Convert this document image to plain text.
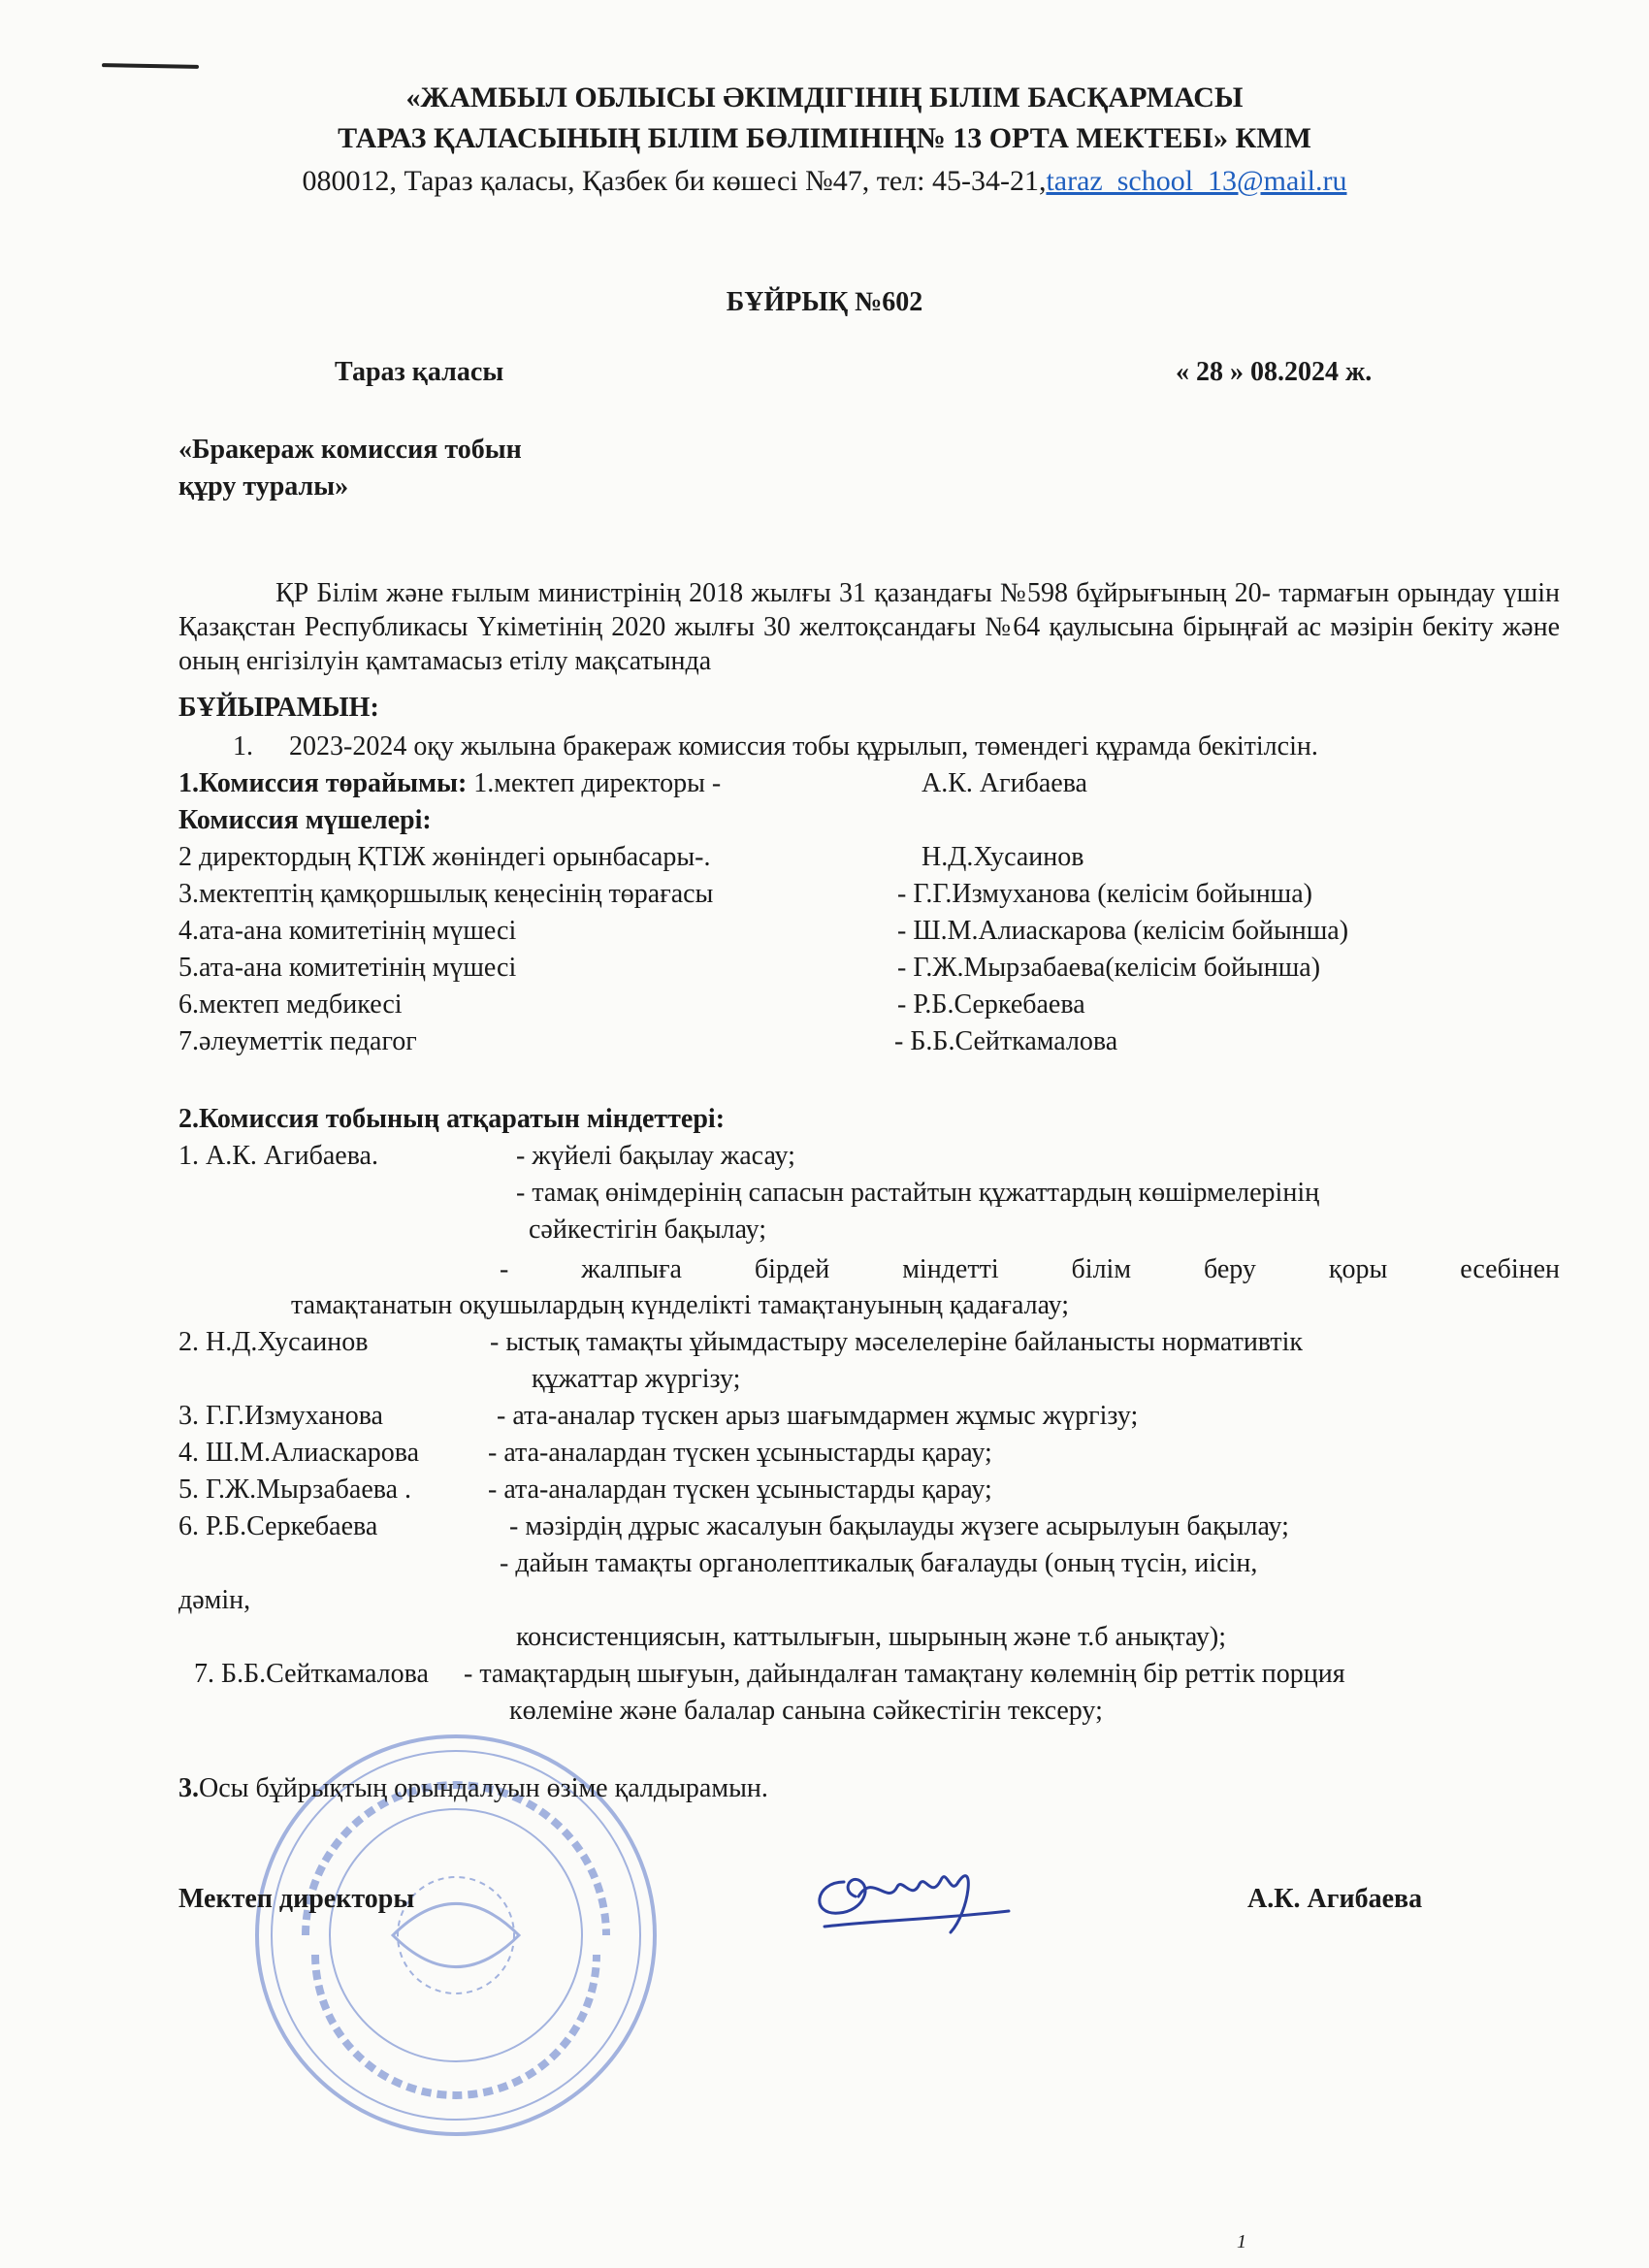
«ЖАМБЫЛ ОБЛЫСЫ ӘКІМДІГІНІҢ БІЛІМ БАСҚАРМАСЫ
ТАРАЗ ҚАЛАСЫНЫҢ БІЛІМ БӨЛІМІНІҢ№ 13 ОРТА МЕКТЕБІ» КММ
080012, Тараз қаласы, Қазбек би көшесі №47, тел: 45-34-21,taraz_school_13@mail.ru
БҰЙРЫҚ №602
Тараз қаласы	« 28 » 08.2024 ж.
«Бракераж комиссия тобын
құру туралы»
ҚР Білім және ғылым министрінің 2018 жылғы 31 қазандағы №598 бұйрығының 20- тармағын орындау үшін Қазақстан Республикасы Үкіметінің 2020 жылғы 30 желтоқсандағы №64 қаулысына бірыңғай ас мәзірін бекіту және оның енгізілуін қамтамасыз етілу мақсатында
БҰЙЫРАМЫН:
1. 2023-2024 оқу жылына бракераж комиссия тобы құрылып, төмендегі құрамда бекітілсін.
1.Комиссия төрайымы: 1.мектеп директоры -	А.К. Агибаева
Комиссия мүшелері:
2 директордың ҚТІЖ жөніндегі орынбасары-.	Н.Д.Хусаинов
3.мектептің қамқоршылық кеңесінің төрағасы	- Г.Г.Измуханова (келісім бойынша)
4.ата-ана комитетінің мүшесі	- Ш.М.Алиаскарова (келісім бойынша)
5.ата-ана комитетінің мүшесі	- Г.Ж.Мырзабаева(келісім бойынша)
6.мектеп медбикесі	- Р.Б.Серкебаева
7.әлеуметтік педагог	- Б.Б.Сейткамалова
2.Комиссия тобының атқаратын міндеттері:
1. А.К. Агибаева.	- жүйелі бақылау жасау;
- тамақ өнімдерінің сапасын растайтын құжаттардың көшірмелерінің
сәйкестігін бақылау;
- жалпыға бірдей міндетті білім беру қоры есебінен
тамақтанатын оқушылардың күнделікті тамақтануының қадағалау;
2. Н.Д.Хусаинов	- ыстық тамақты ұйымдастыру мәселелеріне байланысты нормативтік
құжаттар жүргізу;
3. Г.Г.Измуханова	- ата-аналар түскен арыз шағымдармен жұмыс жүргізу;
4. Ш.М.Алиаскарова	- ата-аналардан түскен ұсыныстарды қарау;
5. Г.Ж.Мырзабаева .	- ата-аналардан түскен ұсыныстарды қарау;
6. Р.Б.Серкебаева	- мәзірдің дұрыс жасалуын бақылауды жүзеге асырылуын бақылау;
- дайын тамақты органолептикалық бағалауды (оның түсін, иісін,
дәмін,
консистенциясын, каттылығын, шырының және т.б анықтау);
7. Б.Б.Сейткамалова - тамақтардың шығуын, дайындалған тамақтану көлемнің бір реттік порция
көлеміне және балалар санына сәйкестігін тексеру;
3.Осы бұйрықтың орындалуын өзіме қалдырамын.
Мектеп директоры	А.К. Агибаева
1
